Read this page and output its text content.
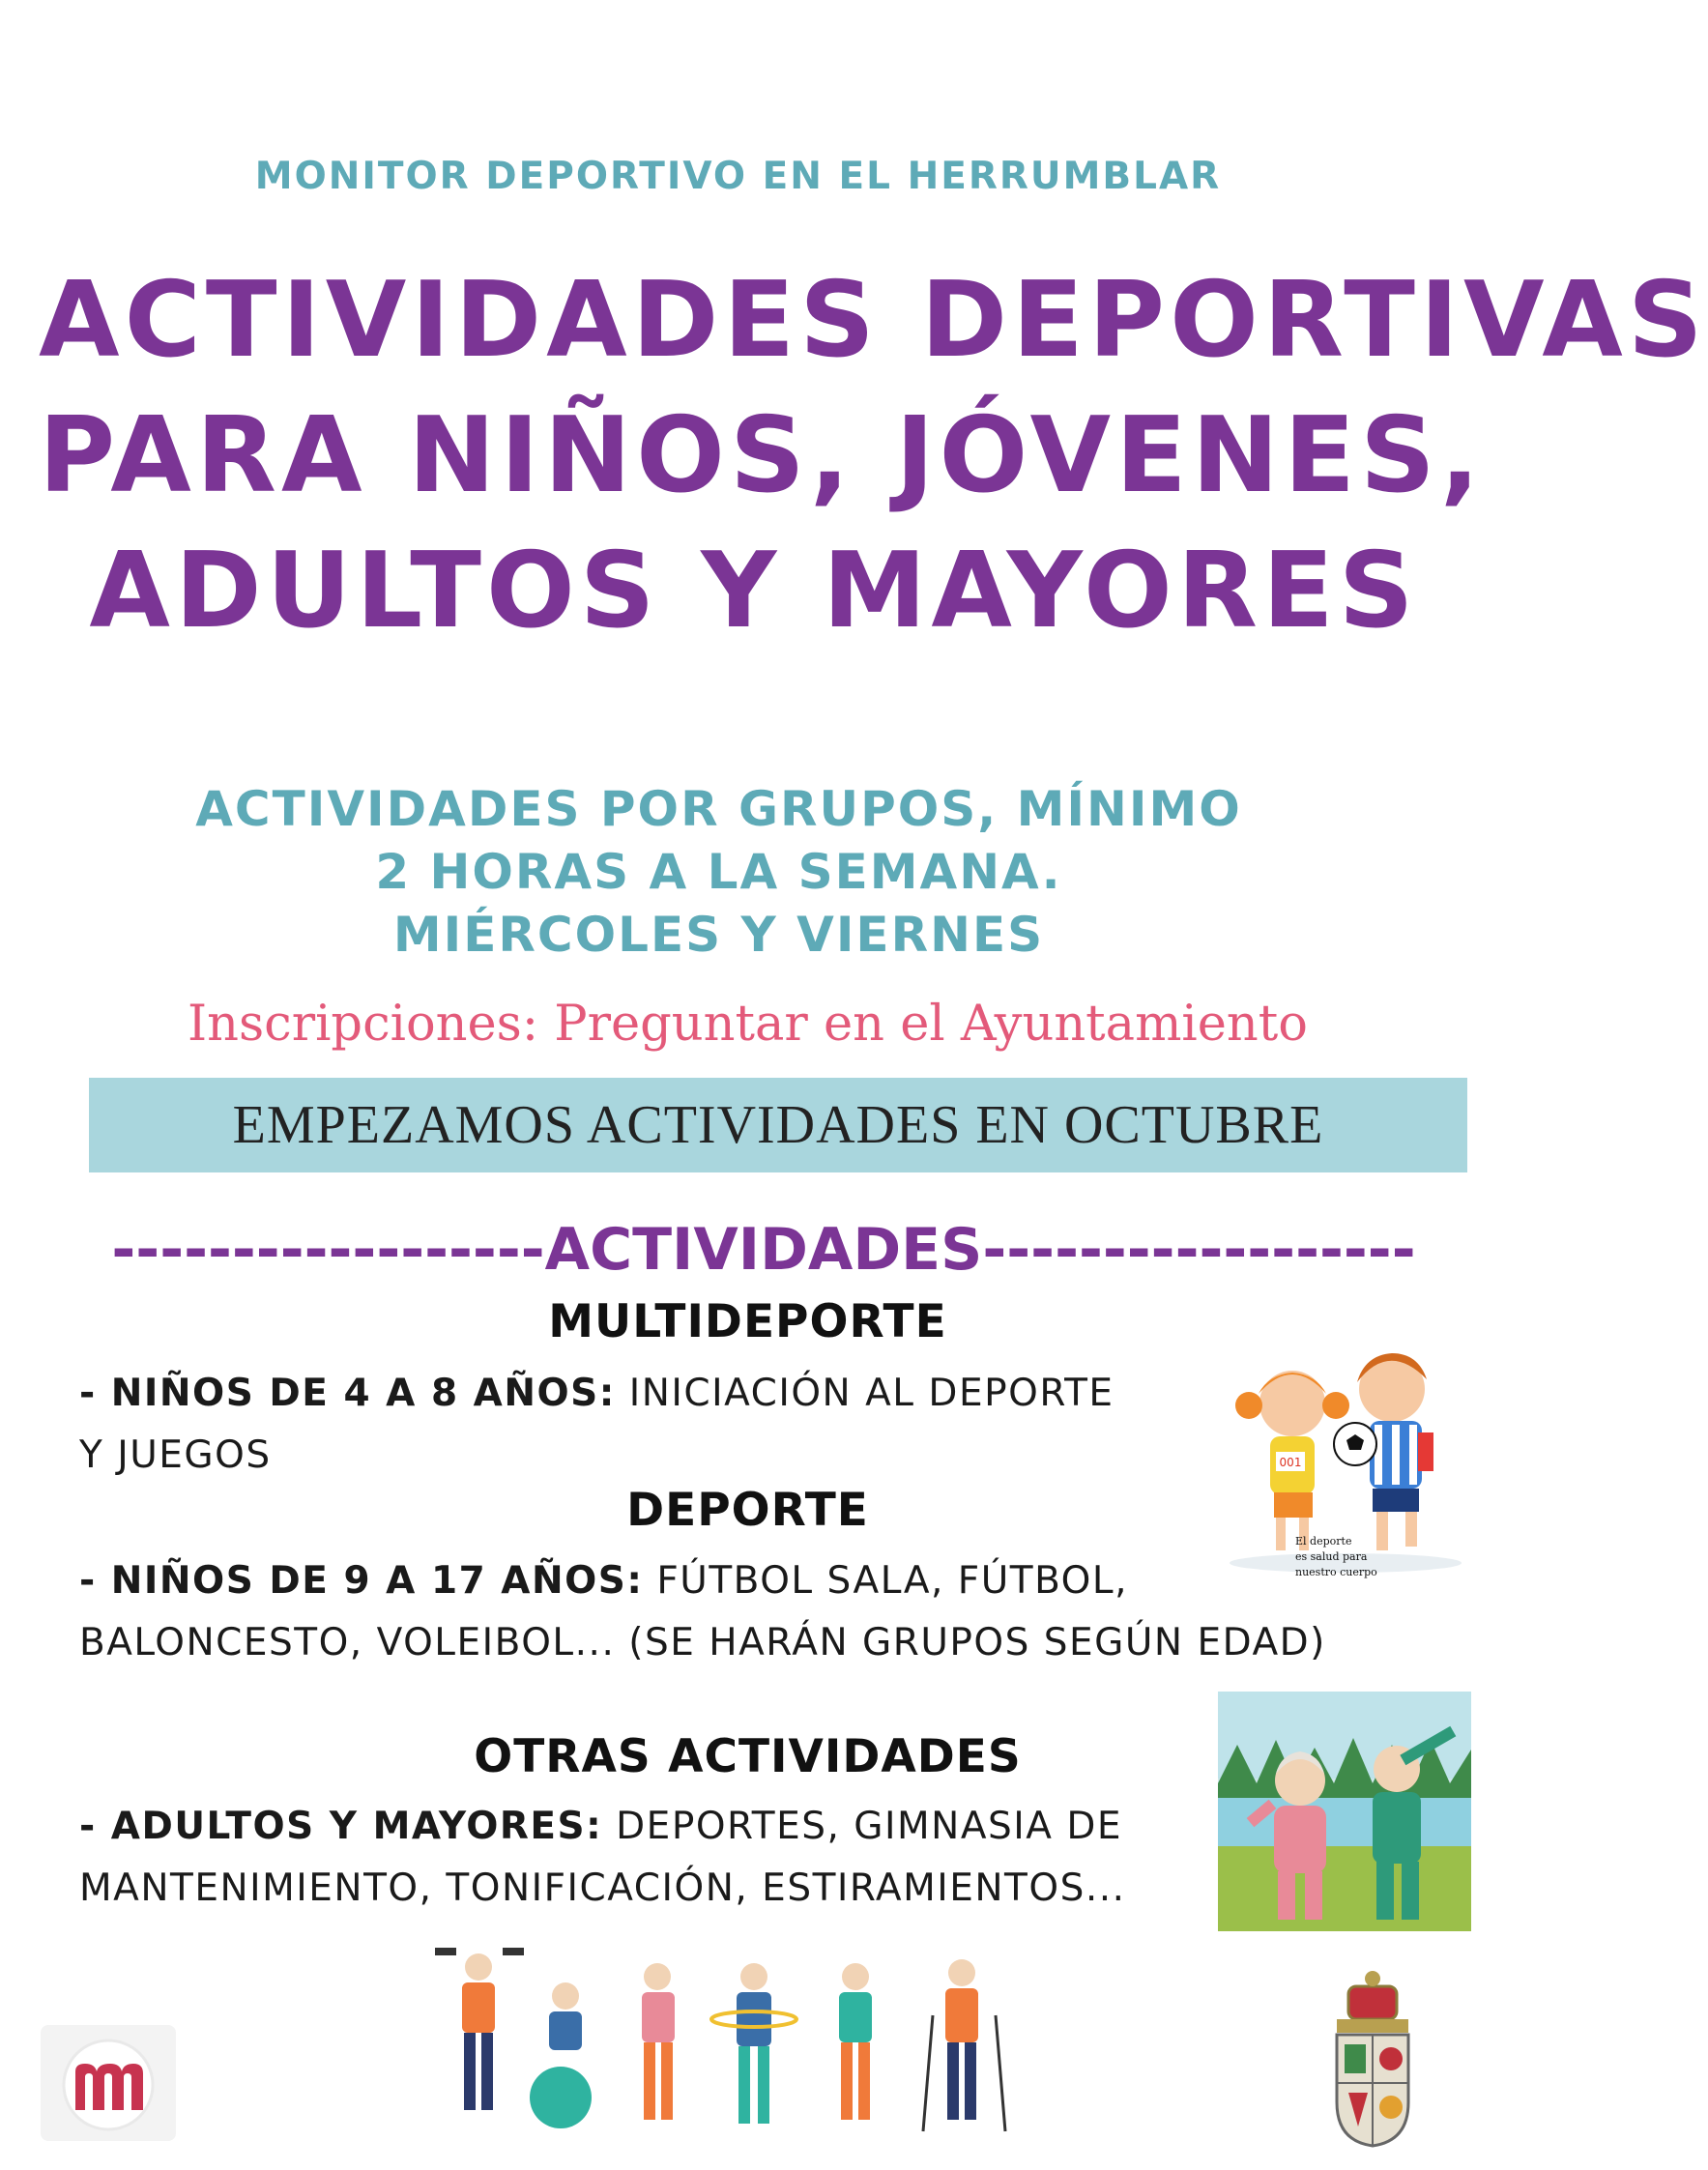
MONITOR DEPORTIVO EN EL HERRUMBLAR
ACTIVIDADES DEPORTIVAS
PARA NIÑOS, JÓVENES,
ADULTOS Y MAYORES
ACTIVIDADES POR GRUPOS, MÍNIMO
2 HORAS A LA SEMANA.
MIÉRCOLES Y VIERNES
Inscripciones: Preguntar en el Ayuntamiento
EMPEZAMOS ACTIVIDADES EN OCTUBRE
------------------ACTIVIDADES------------------
MULTIDEPORTE
- NIÑOS DE 4 A 8 AÑOS: INICIACIÓN AL DEPORTE
Y JUEGOS
DEPORTE
- NIÑOS DE 9 A 17 AÑOS: FÚTBOL SALA, FÚTBOL,
BALONCESTO, VOLEIBOL... (SE HARÁN GRUPOS SEGÚN EDAD)
OTRAS ACTIVIDADES
- ADULTOS Y MAYORES: DEPORTES, GIMNASIA DE
MANTENIMIENTO, TONIFICACIÓN, ESTIRAMIENTOS...
001
El deporte
es salud para
nuestro cuerpo
